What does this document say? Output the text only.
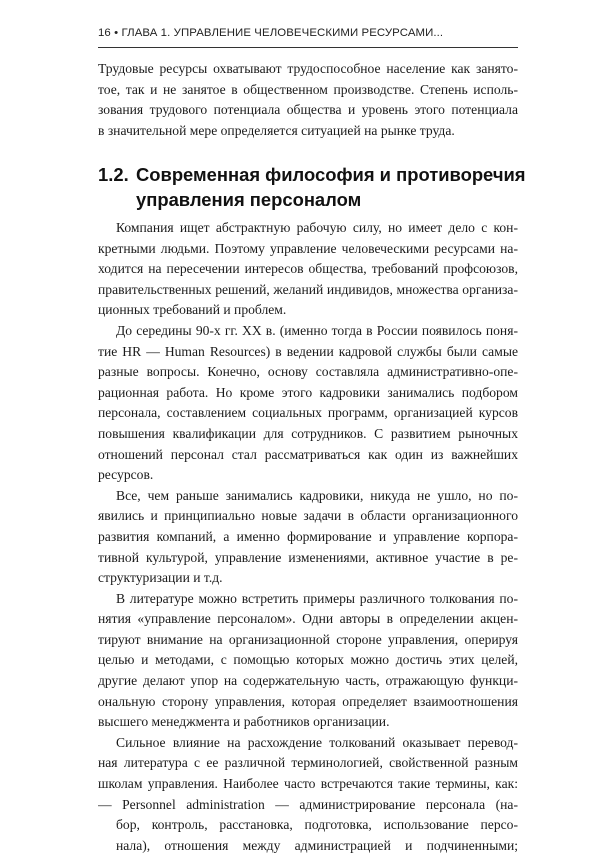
16 • ГЛАВА 1. УПРАВЛЕНИЕ ЧЕЛОВЕЧЕСКИМИ РЕСУРСАМИ...
Трудовые ресурсы охватывают трудоспособное население как занято-
тое, так и не занятое в общественном производстве. Степень исполь-
зования трудового потенциала общества и уровень этого потенциала
в значительной мере определяется ситуацией на рынке труда.
1.2. Современная философия и противоречия
управления персоналом
Компания ищет абстрактную рабочую силу, но имеет дело с кон-
кретными людьми. Поэтому управление человеческими ресурсами на-
ходится на пересечении интересов общества, требований профсоюзов,
правительственных решений, желаний индивидов, множества организа-
ционных требований и проблем.
До середины 90-х гг. XX в. (именно тогда в России появилось поня-
тие HR — Human Resources) в ведении кадровой службы были самые
разные вопросы. Конечно, основу составляла административно-опе-
рационная работа. Но кроме этого кадровики занимались подбором
персонала, составлением социальных программ, организацией курсов
повышения квалификации для сотрудников. С развитием рыночных
отношений персонал стал рассматриваться как один из важнейших
ресурсов.
Все, чем раньше занимались кадровики, никуда не ушло, но по-
явились и принципиально новые задачи в области организационного
развития компаний, а именно формирование и управление корпора-
тивной культурой, управление изменениями, активное участие в ре-
структуризации и т.д.
В литературе можно встретить примеры различного толкования по-
нятия «управление персоналом». Одни авторы в определении акцен-
тируют внимание на организационной стороне управления, оперируя
целью и методами, с помощью которых можно достичь этих целей,
другие делают упор на содержательную часть, отражающую функци-
ональную сторону управления, которая определяет взаимоотношения
высшего менеджмента и работников организации.
Сильное влияние на расхождение толкований оказывает перевод-
ная литература с ее различной терминологией, свойственной разным
школам управления. Наиболее часто встречаются такие термины, как:
— Personnel administration — администрирование персонала (на-
бор, контроль, расстановка, подготовка, использование персо-
нала), отношения между администрацией и подчиненными;
